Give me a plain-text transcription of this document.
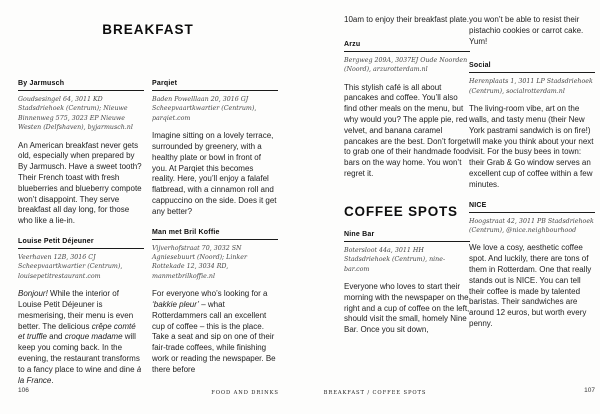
BREAKFAST
By Jarmusch

Goudsesingel 64, 3011 KD Stadsdriehoek (Centrum); Nieuwe Binnenweg 575, 3023 EP Nieuwe Westen (Delfshaven), byjarmusch.nl

An American breakfast never gets old, especially when prepared by By Jarmusch. Have a sweet tooth? Their French toast with fresh blueberries and blueberry compote won’t disappoint. They serve breakfast all day long, for those who like a lie-in.

Louise Petit Déjeuner

Veerhaven 12B, 3016 CJ Scheepvaartkwartier (Centrum), louisepetitrestaurant.com

Bonjour! While the interior of Louise Petit Déjeuner is mesmerising, their menu is even better. The delicious crêpe comté et truffle and croque madame will keep you coming back. In the evening, the restaurant transforms to a fancy place to wine and dine à la France.

Parqiet

Baden Powelllaan 20, 3016 GJ Scheepvaartkwartier (Centrum), parqiet.com

Imagine sitting on a lovely terrace, surrounded by greenery, with a healthy plate or bowl in front of you. At Parqiet this becomes reality. Here, you’ll enjoy a falafel flatbread, with a cinnamon roll and cappuccino on the side. Does it get any better?

Man met Bril Koffie

Vijverhofstraat 70, 3032 SN Agniesebuurt (Noord); Linker Rottekade 12, 3034 RD, manmetbrilkoffie.nl

For everyone who’s looking for a ‘bakkie pleur’ – what Rotterdammers call an excellent cup of coffee – this is the place. Take a seat and sip on one of their fair-trade coffees, while finishing work or reading the newspaper. Be there before

10am to enjoy their breakfast plate.

Arzu

Bergweg 209A, 3037EJ Oude Noorden (Noord), arzurotterdam.nl

This stylish café is all about pancakes and coffee. You’ll also find other meals on the menu, but why would you? The apple pie, red velvet, and banana caramel pancakes are the best. Don’t forget to grab one of their handmade food bars on the way home. You won’t regret it.

COFFEE SPOTS
Nine Bar

Botersloot 44a, 3011 HH Stadsdriehoek (Centrum), nine-bar.com

Everyone who loves to start their morning with the newspaper on the right and a cup of coffee on the left, should visit the small, homely Nine Bar. Once you sit down,

you won’t be able to resist their pistachio cookies or carrot cake. Yum!

Social

Herenplaats 1, 3011 LP Stadsdriehoek (Centrum), socialrotterdam.nl

The living-room vibe, art on the walls, and tasty menu (their New York pastrami sandwich is on fire!) will make you think about your next visit. For the busy bees in town: their Grab & Go window serves an excellent cup of coffee within a few minutes.

NICE

Hoogstraat 42, 3011 PB Stadsdriehoek (Centrum), @nice.neighbourhood

We love a cosy, aesthetic coffee spot. And luckily, there are tons of them in Rotterdam. One that really stands out is NICE. You can tell their coffee is made by talented baristas. Their sandwiches are around 12 euros, but worth every penny.

106	FOOD AND DRINKS	BREAKFAST / COFFEE SPOTS	107
